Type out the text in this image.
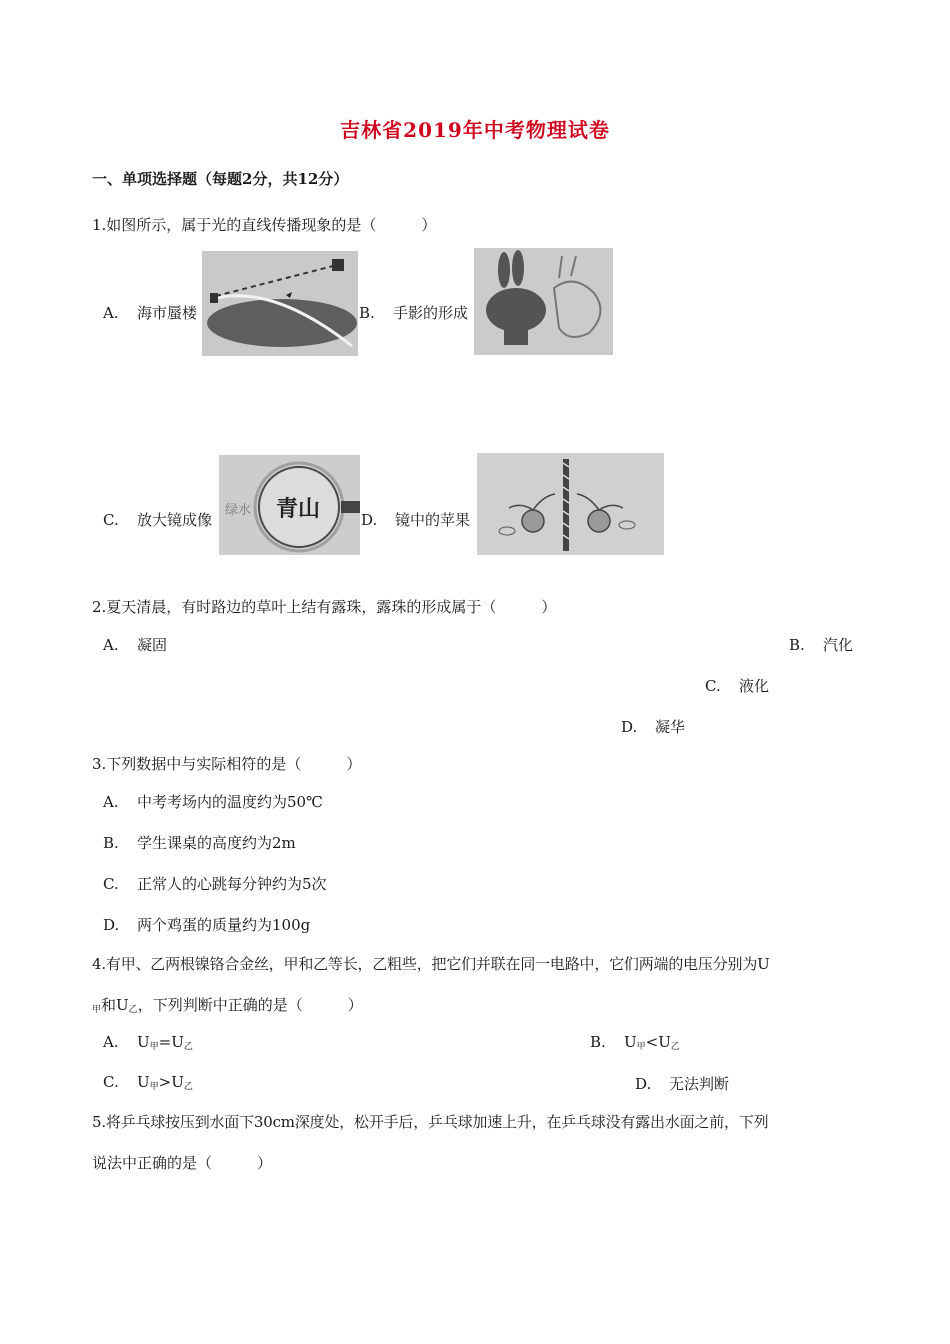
吉林省2019年中考物理试卷
一、单项选择题（每题2分，共12分）
1.如图所示，属于光的直线传播现象的是（　　　）
A. 海市蜃楼	B. 手影的形成
C. 放大镜成像
绿水 青山	D. 镜中的苹果
2.夏天清晨，有时路边的草叶上结有露珠，露珠的形成属于（　　　）
A. 凝固	B. 汽化
C. 液化
D. 凝华
3.下列数据中与实际相符的是（　　　）
A. 中考考场内的温度约为50℃
B. 学生课桌的高度约为2m
C. 正常人的心跳每分钟约为5次
D. 两个鸡蛋的质量约为100g
4.有甲、乙两根镍铬合金丝，甲和乙等长，乙粗些，把它们并联在同一电路中，它们两端的电压分别为U
$_甲$和$U_乙$，下列判断中正确的是（　　　）
A. $U_甲=U_乙$	B. $U_甲<U_乙$
C. $U_甲>U_乙$	D. 无法判断
5.将乒乓球按压到水面下30cm深度处，松开手后，乒乓球加速上升，在乒乓球没有露出水面之前，下列
说法中正确的是（　　　）
